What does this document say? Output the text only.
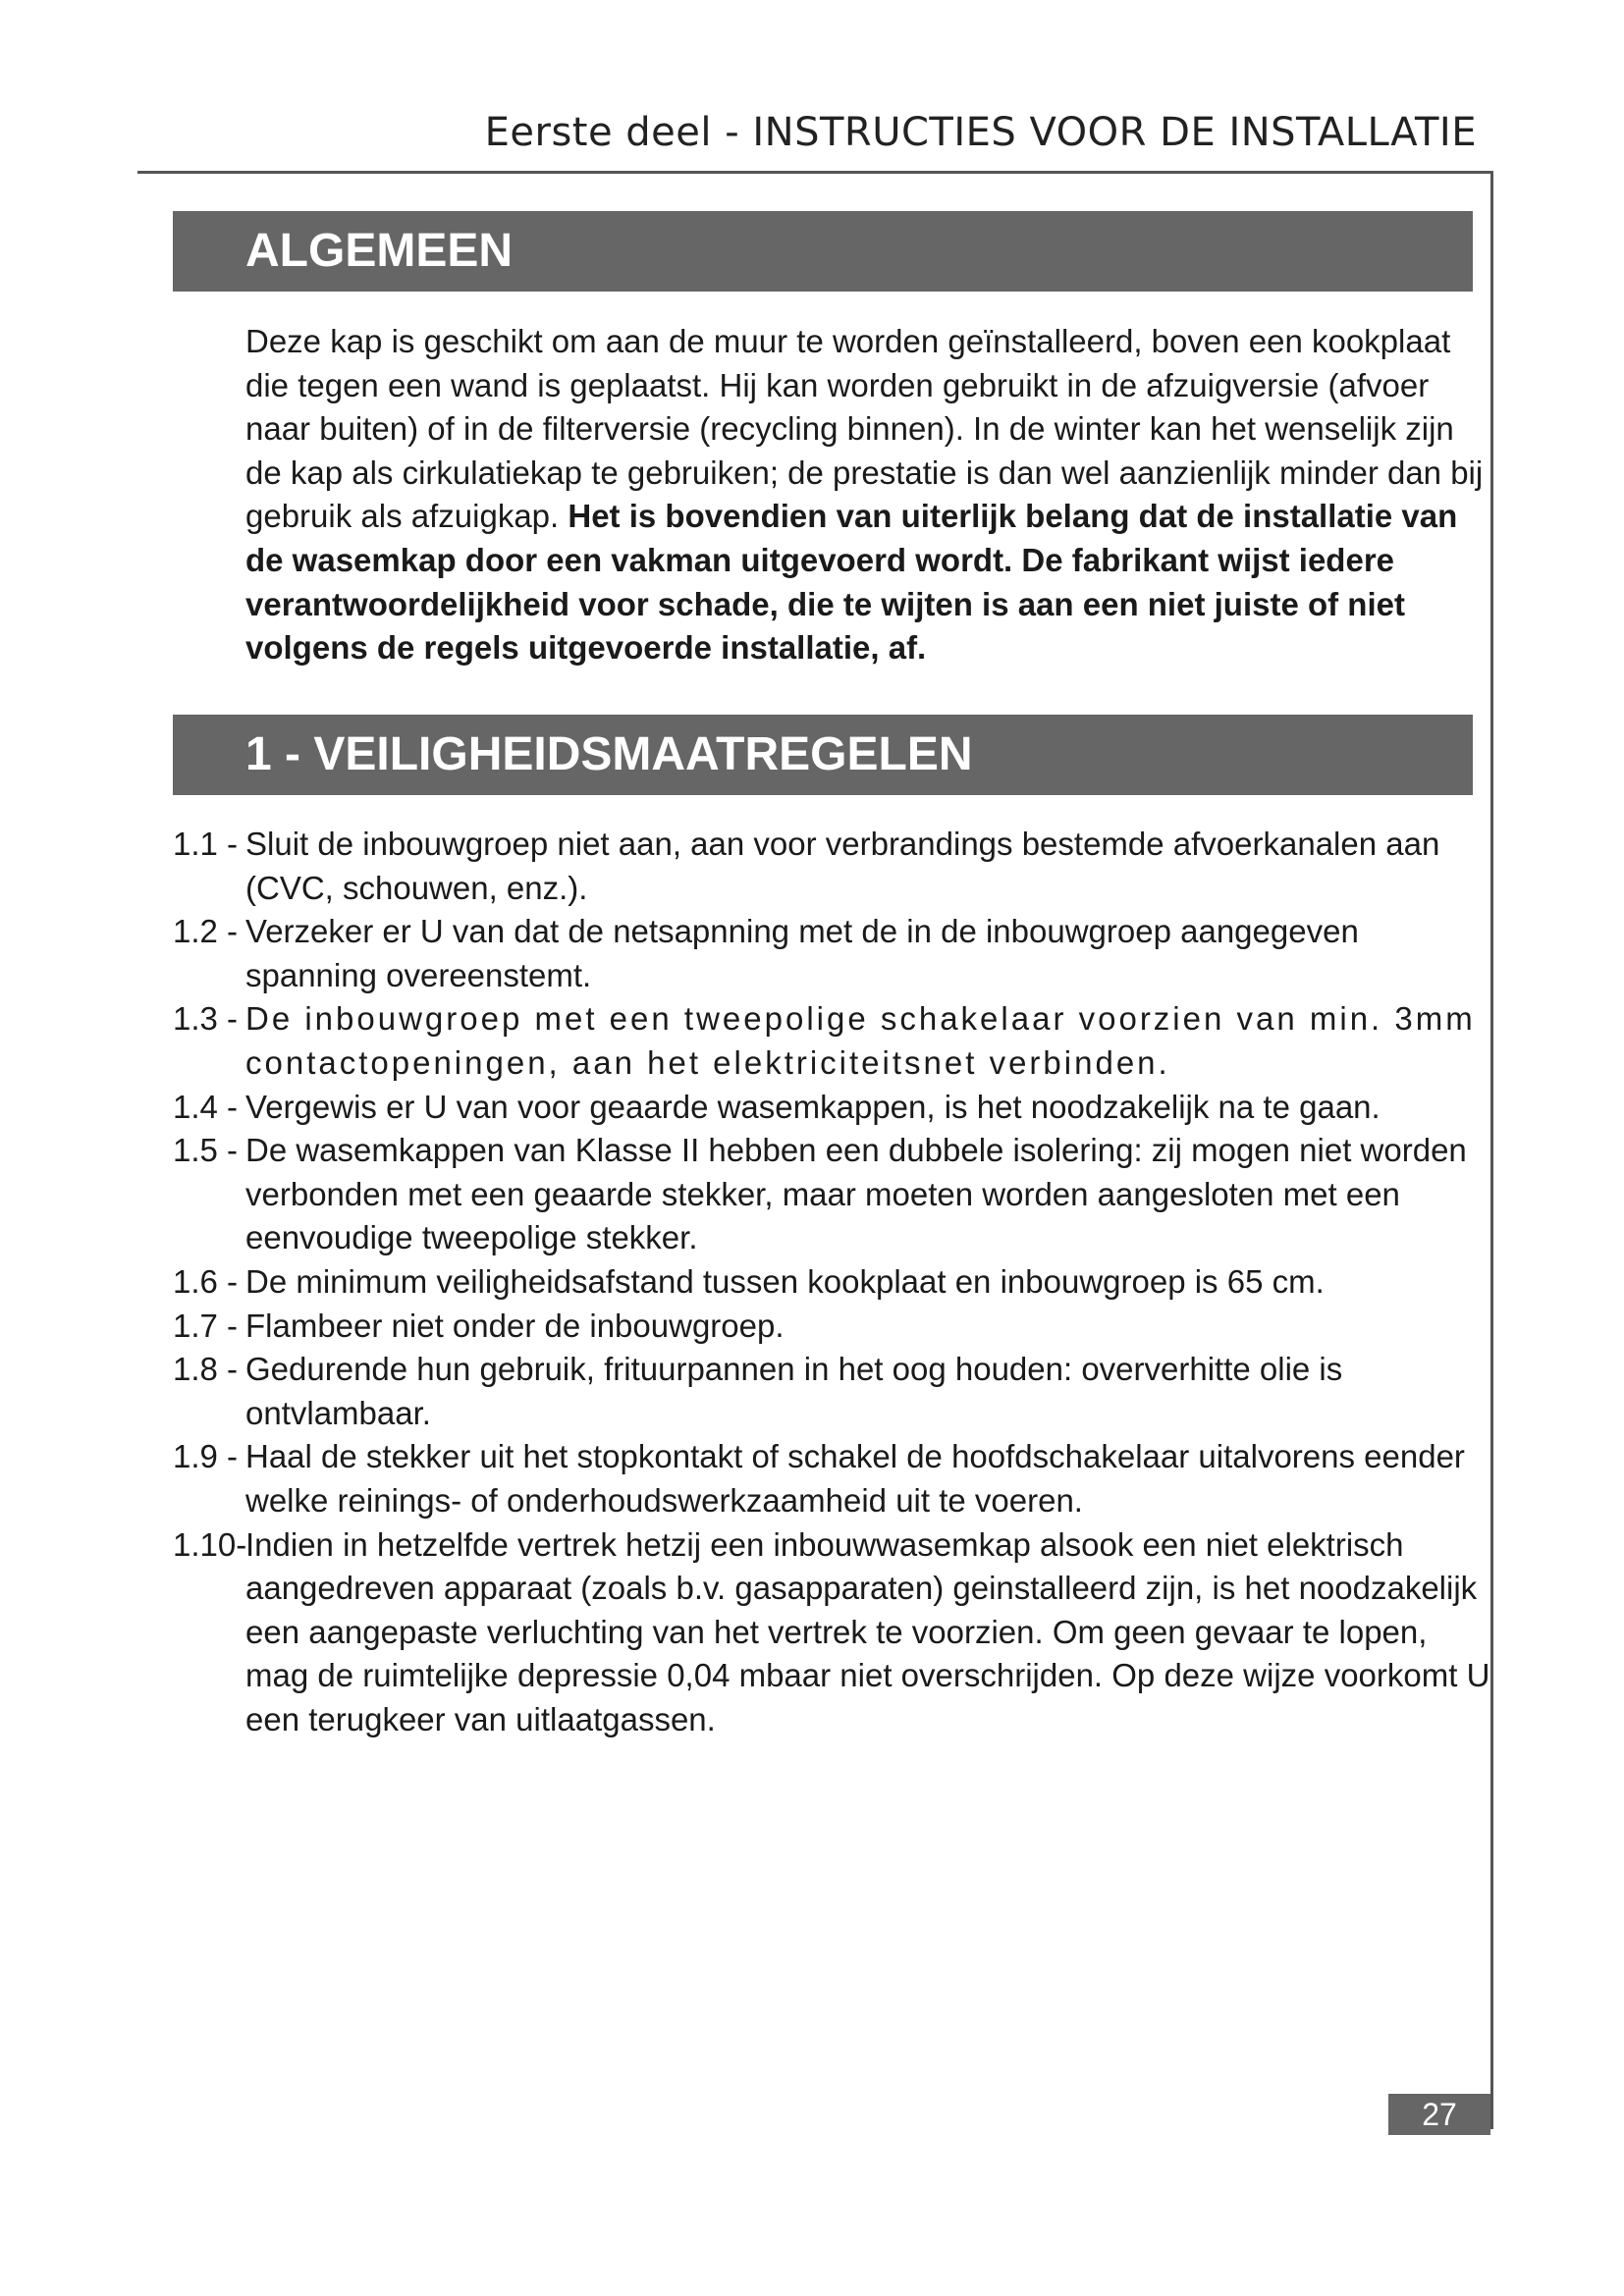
Eerste deel - INSTRUCTIES VOOR DE INSTALLATIE
ALGEMEEN

Deze kap is geschikt om aan de muur te worden geïnstalleerd, boven een kookplaat die tegen een wand is geplaatst. Hij kan worden gebruikt in de afzuigversie (afvoer naar buiten) of in de filterversie (recycling binnen). In de winter kan het wenselijk zijn de kap als cirkulatiekap te gebruiken; de prestatie is dan wel aanzienlijk minder dan bij gebruik als afzuigkap. Het is bovendien van uiterlijk belang dat de installatie van de wasemkap door een vakman uitgevoerd wordt. De fabrikant wijst iedere verantwoordelijkheid voor schade, die te wijten is aan een niet juiste of niet volgens de regels uitgevoerde installatie, af.

1 - VEILIGHEIDSMAATREGELEN
1.1 - Sluit de inbouwgroep niet aan, aan voor verbrandings bestemde afvoerkanalen aan (CVC, schouwen, enz.).
1.2 - Verzeker er U van dat de netsapnning met de in de inbouwgroep aangegeven spanning overeenstemt.
1.3 - De inbouwgroep met een tweepolige schakelaar voorzien van min. 3mm contactopeningen, aan het elektriciteitsnet verbinden.
1.4 - Vergewis er U van voor geaarde wasemkappen, is het noodzakelijk na te gaan.
1.5 - De wasemkappen van Klasse II hebben een dubbele isolering: zij mogen niet worden verbonden met een geaarde stekker, maar moeten worden aangesloten met een eenvoudige tweepolige stekker.
1.6 - De minimum veiligheidsafstand tussen kookplaat en inbouwgroep is 65 cm.
1.7 - Flambeer niet onder de inbouwgroep.
1.8 - Gedurende hun gebruik, frituurpannen in het oog houden: oververhitte olie is ontvlambaar.
1.9 - Haal de stekker uit het stopkontakt of schakel de hoofdschakelaar uitalvorens eender welke reinings- of onderhoudswerkzaamheid uit te voeren.
1.10-
Indien in hetzelfde vertrek hetzij een inbouwwasemkap alsook een niet elektrisch aangedreven apparaat (zoals b.v. gasapparaten) geinstalleerd zijn, is het noodzakelijk een aangepaste verluchting van het vertrek te voorzien. Om geen gevaar te lopen, mag de ruimtelijke depressie 0,04 mbaar niet overschrijden. Op deze wijze voorkomt U een terugkeer van uitlaatgassen.
27
